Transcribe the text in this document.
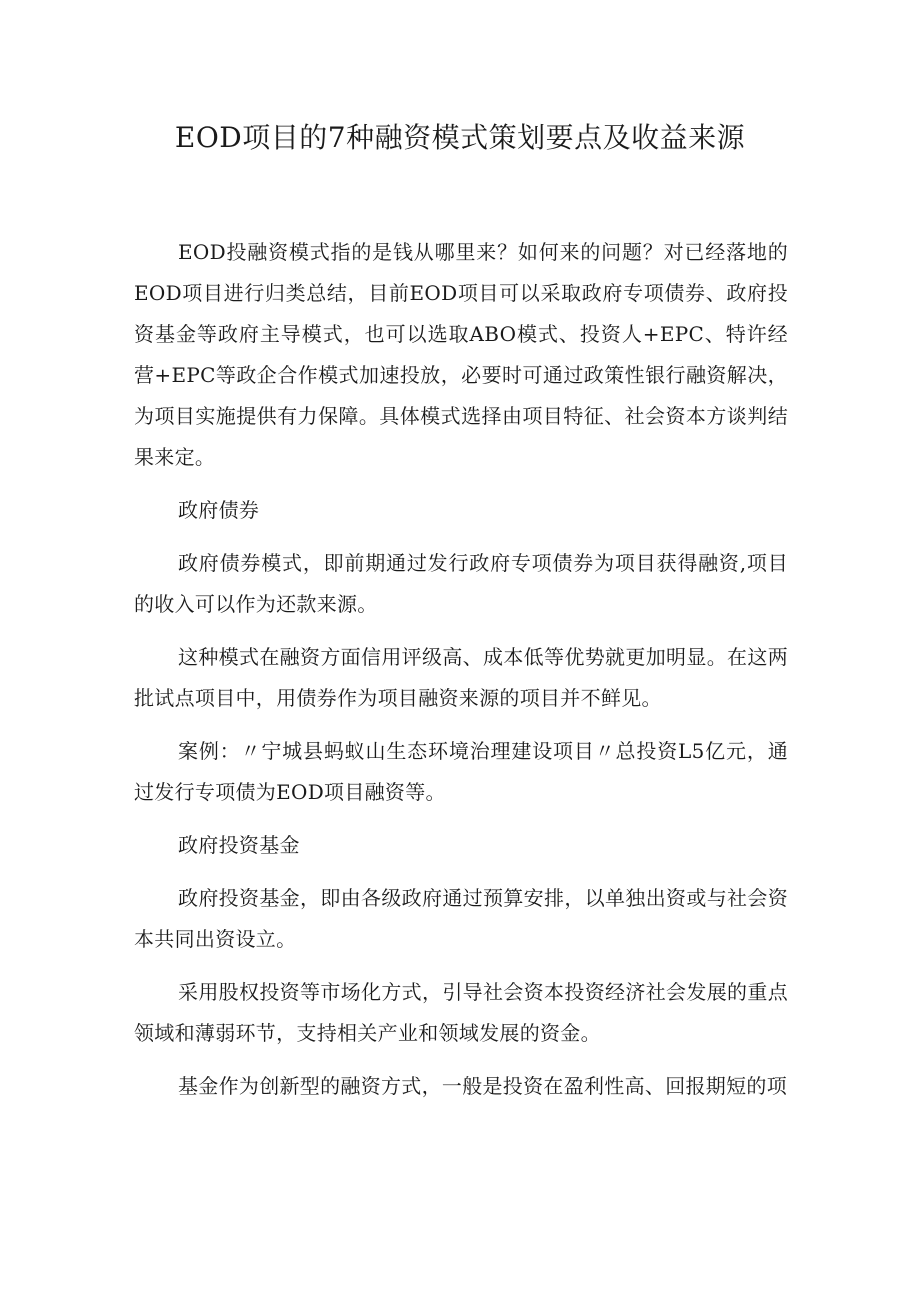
EOD项目的7种融资模式策划要点及收益来源

EOD投融资模式指的是钱从哪里来？如何来的问题？对已经落地的EOD项目进行归类总结，目前EOD项目可以采取政府专项债券、政府投资基金等政府主导模式，也可以选取ABO模式、投资人+EPC、特许经营+EPC等政企合作模式加速投放，必要时可通过政策性银行融资解决，为项目实施提供有力保障。具体模式选择由项目特征、社会资本方谈判结果来定。

政府债券

政府债券模式，即前期通过发行政府专项债券为项目获得融资,项目的收入可以作为还款来源。

这种模式在融资方面信用评级高、成本低等优势就更加明显。在这两批试点项目中，用债券作为项目融资来源的项目并不鲜见。

案例：〃宁城县蚂蚁山生态环境治理建设项目〃总投资L5亿元，通过发行专项债为EOD项目融资等。

政府投资基金

政府投资基金，即由各级政府通过预算安排，以单独出资或与社会资本共同出资设立。

采用股权投资等市场化方式，引导社会资本投资经济社会发展的重点领域和薄弱环节，支持相关产业和领域发展的资金。

基金作为创新型的融资方式，一般是投资在盈利性高、回报期短的项
